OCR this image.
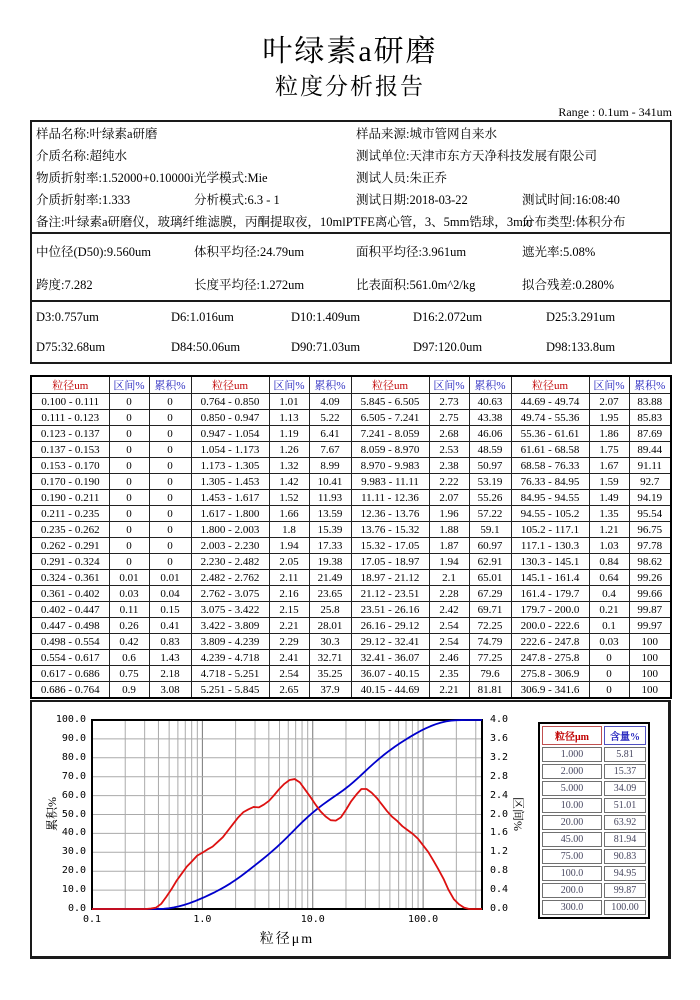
叶绿素a研磨
粒度分析报告
Range : 0.1um - 341um
样品名称:叶绿素a研磨	样品来源:城市管网自来水
介质名称:超纯水	测试单位:天津市东方天净科技发展有限公司
物质折射率:1.52000+0.10000i 光学模式:Mie	测试人员:朱正乔
介质折射率:1.333	分析模式:6.3 - 1	测试日期:2018-03-22	测试时间:16:08:40
备注:叶绿素a研磨仪，玻璃纤维滤膜，丙酮提取夜，10mlPTFE离心管，3、5mm锆球，3min
分布类型:体积分布
中位径(D50):9.560um	体积平均径:24.79um	面积平均径:3.961um	遮光率:5.08%
跨度:7.282	长度平均径:1.272um	比表面积:561.0m^2/kg	拟合残差:0.280%
D3:0.757um	D6:1.016um	D10:1.409um	D16:2.072um	D25:3.291um
D75:32.68um	D84:50.06um	D90:71.03um	D97:120.0um	D98:133.8um
粒径um	区间%	累积%	粒径um	区间%	累积%	粒径um	区间%	累积%	粒径um	区间%	累积%
0.100 - 0.111	0	0	0.764 - 0.850	1.01	4.09	5.845 - 6.505	2.73	40.63	44.69 - 49.74	2.07	83.88
0.111 - 0.123	0	0	0.850 - 0.947	1.13	5.22	6.505 - 7.241	2.75	43.38	49.74 - 55.36	1.95	85.83
0.123 - 0.137	0	0	0.947 - 1.054	1.19	6.41	7.241 - 8.059	2.68	46.06	55.36 - 61.61	1.86	87.69
0.137 - 0.153	0	0	1.054 - 1.173	1.26	7.67	8.059 - 8.970	2.53	48.59	61.61 - 68.58	1.75	89.44
0.153 - 0.170	0	0	1.173 - 1.305	1.32	8.99	8.970 - 9.983	2.38	50.97	68.58 - 76.33	1.67	91.11
0.170 - 0.190	0	0	1.305 - 1.453	1.42	10.41	9.983 - 11.11	2.22	53.19	76.33 - 84.95	1.59	92.7
0.190 - 0.211	0	0	1.453 - 1.617	1.52	11.93	11.11 - 12.36	2.07	55.26	84.95 - 94.55	1.49	94.19
0.211 - 0.235	0	0	1.617 - 1.800	1.66	13.59	12.36 - 13.76	1.96	57.22	94.55 - 105.2	1.35	95.54
0.235 - 0.262	0	0	1.800 - 2.003	1.8	15.39	13.76 - 15.32	1.88	59.1	105.2 - 117.1	1.21	96.75
0.262 - 0.291	0	0	2.003 - 2.230	1.94	17.33	15.32 - 17.05	1.87	60.97	117.1 - 130.3	1.03	97.78
0.291 - 0.324	0	0	2.230 - 2.482	2.05	19.38	17.05 - 18.97	1.94	62.91	130.3 - 145.1	0.84	98.62
0.324 - 0.361	0.01	0.01	2.482 - 2.762	2.11	21.49	18.97 - 21.12	2.1	65.01	145.1 - 161.4	0.64	99.26
0.361 - 0.402	0.03	0.04	2.762 - 3.075	2.16	23.65	21.12 - 23.51	2.28	67.29	161.4 - 179.7	0.4	99.66
0.402 - 0.447	0.11	0.15	3.075 - 3.422	2.15	25.8	23.51 - 26.16	2.42	69.71	179.7 - 200.0	0.21	99.87
0.447 - 0.498	0.26	0.41	3.422 - 3.809	2.21	28.01	26.16 - 29.12	2.54	72.25	200.0 - 222.6	0.1	99.97
0.498 - 0.554	0.42	0.83	3.809 - 4.239	2.29	30.3	29.12 - 32.41	2.54	74.79	222.6 - 247.8	0.03	100
0.554 - 0.617	0.6	1.43	4.239 - 4.718	2.41	32.71	32.41 - 36.07	2.46	77.25	247.8 - 275.8	0	100
0.617 - 0.686	0.75	2.18	4.718 - 5.251	2.54	35.25	36.07 - 40.15	2.35	79.6	275.8 - 306.9	0	100
0.686 - 0.764	0.9	3.08	5.251 - 5.845	2.65	37.9	40.15 - 44.69	2.21	81.81	306.9 - 341.6	0	100
累积%	区间%
粒径μm
100.0
90.0
80.0
70.0
60.0
50.0
40.0
30.0
20.0
10.0
0.0
4.0
3.6
3.2
2.8
2.4
2.0
1.6
1.2
0.8
0.4
0.0
0.1	1.0	10.0	100.0
粒径μm	含量%
1.000	5.81
2.000	15.37
5.000	34.09
10.00	51.01
20.00	63.92
45.00	81.94
75.00	90.83
100.0	94.95
200.0	99.87
300.0	100.00
